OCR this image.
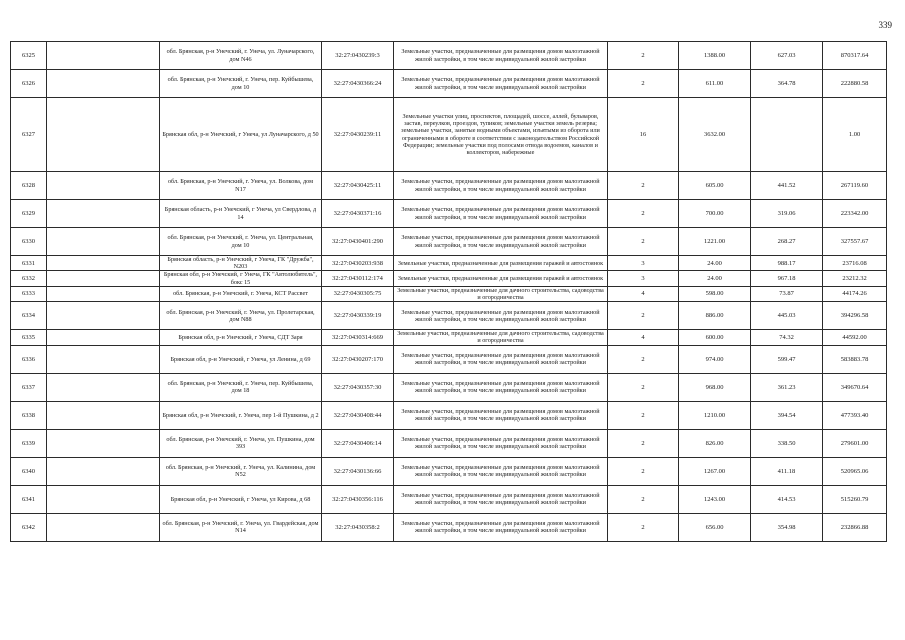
339
6325		обл. Брянская, р-н Унечский, г. Унеча, ул. Луначарского, дом N46	32:27:0430239:3	Земельные участки, предназначенные для размещения домов малоэтажной жилой застройки, в том числе индивидуальной жилой застройки	2	1388.00	627.03	870317.64
6326		обл. Брянская, р-н Унечский, г. Унеча, пер. Куйбышева, дом 10	32:27:0430366:24	Земельные участки, предназначенные для размещения домов малоэтажной жилой застройки, в том числе индивидуальной жилой застройки	2	611.00	364.78	222880.58
6327		Брянская обл, р-н Унечский, г Унеча, ул Луначарского, д 50	32:27:0430239:11	Земельные участки улиц, проспектов, площадей, шоссе, аллей, бульваров, застав, переулков, проездов, тупиков; земельные участки земель резерва; земельные участки, занятые водными объектами, изъятыми из оборота или ограниченными в обороте в соответствии с законодательством Российской Федерации; земельные участки под полосами отвода водоемов, каналов и коллекторов, набережные	16	3632.00		1.00
6328		обл. Брянская, р-н Унечский, г. Унеча, ул. Волкова, дом N17	32:27:0430425:11	Земельные участки, предназначенные для размещения домов малоэтажной жилой застройки, в том числе индивидуальной жилой застройки	2	605.00	441.52	267119.60
6329		Брянская область, р-н Унечский, г Унеча, ул Свердлова, д 14	32:27:0430371:16	Земельные участки, предназначенные для размещения домов малоэтажной жилой застройки, в том числе индивидуальной жилой застройки	2	700.00	319.06	223342.00
6330		обл. Брянская, р-н Унечский, г. Унеча, ул. Центральная, дом 10	32:27:0430401:290	Земельные участки, предназначенные для размещения домов малоэтажной жилой застройки, в том числе индивидуальной жилой застройки	2	1221.00	268.27	327557.67
6331		Брянская область, р-н Унечский, г Унеча, ГК "Дружба", N203	32:27:0430203:938	Земельные участки, предназначенные для размещения гаражей и автостоянок	3	24.00	988.17	23716.08
6332		Брянская обл, р-н Унечский, г Унеча, ГК "Автолюбитель", бокс 15	32:27:0430112:174	Земельные участки, предназначенные для размещения гаражей и автостоянок	3	24.00	967.18	23212.32
6333		обл. Брянская, р-н Унечский, г. Унеча, КСТ Рассвет	32:27:0430305:75	Земельные участки, предназначенные для дачного строительства, садоводства и огородничества	4	598.00	73.87	44174.26
6334		обл. Брянская, р-н Унечский, г. Унеча, ул. Пролетарская, дом N88	32:27:0430339:19	Земельные участки, предназначенные для размещения домов малоэтажной жилой застройки, в том числе индивидуальной жилой застройки	2	886.00	445.03	394296.58
6335		Брянская обл, р-н Унечский, г Унеча, СДТ Заря	32:27:0430314:669	Земельные участки, предназначенные для дачного строительства, садоводства и огородничества	4	600.00	74.32	44592.00
6336		Брянская обл, р-н Унечский, г Унеча, ул Ленина, д 69	32:27:0430207:170	Земельные участки, предназначенные для размещения домов малоэтажной жилой застройки, в том числе индивидуальной жилой застройки	2	974.00	599.47	583883.78
6337		обл. Брянская, р-н Унечский, г. Унеча, пер. Куйбышева, дом 18	32:27:0430357:30	Земельные участки, предназначенные для размещения домов малоэтажной жилой застройки, в том числе индивидуальной жилой застройки	2	968.00	361.23	349670.64
6338		Брянская обл, р-н Унечский, г. Унеча, пер 1-й Пушкина, д 2	32:27:0430408:44	Земельные участки, предназначенные для размещения домов малоэтажной жилой застройки, в том числе индивидуальной жилой застройки	2	1210.00	394.54	477393.40
6339		обл. Брянская, р-н Унечский, г. Унеча, ул. Пушкина, дом 39З	32:27:0430406:14	Земельные участки, предназначенные для размещения домов малоэтажной жилой застройки, в том числе индивидуальной жилой застройки	2	826.00	338.50	279601.00
6340		обл. Брянская, р-н Унечский, г. Унеча, ул. Калинина, дом N52	32:27:0430136:66	Земельные участки, предназначенные для размещения домов малоэтажной жилой застройки, в том числе индивидуальной жилой застройки	2	1267.00	411.18	520965.06
6341		Брянская обл, р-н Унечский, г Унеча, ул Кирова, д 68	32:27:0430356:116	Земельные участки, предназначенные для размещения домов малоэтажной жилой застройки, в том числе индивидуальной жилой застройки	2	1243.00	414.53	515260.79
6342		обл. Брянская, р-н Унечский, г. Унеча, ул. Гвардейская, дом N14	32:27:0430358:2	Земельные участки, предназначенные для размещения домов малоэтажной жилой застройки, в том числе индивидуальной жилой застройки	2	656.00	354.98	232866.88
